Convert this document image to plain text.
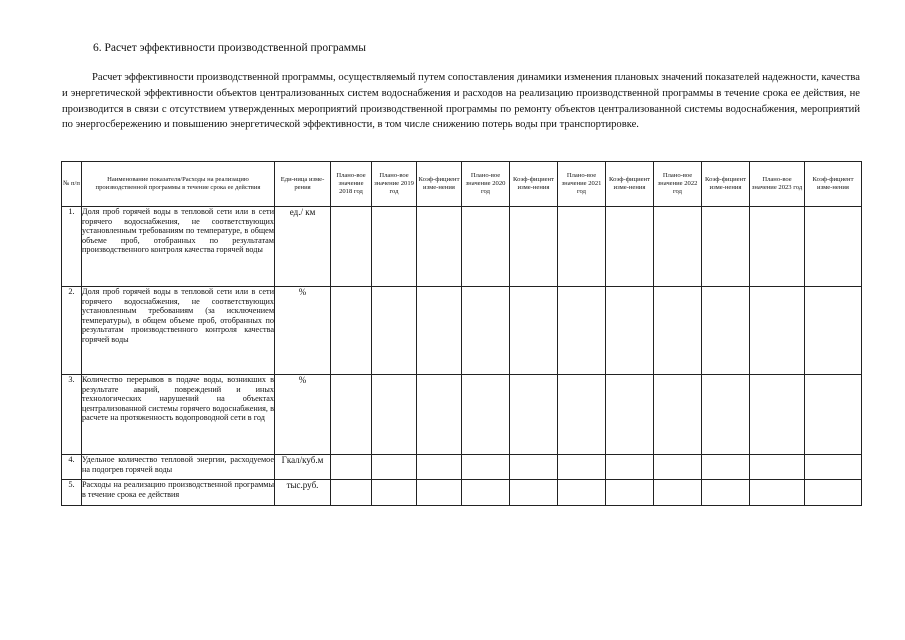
6. Расчет эффективности производственной программы
Расчет эффективности производственной программы, осуществляемый путем сопоставления динамики изменения плановых значений показателей надежности, качества и энергетической эффективности объектов централизованных систем водоснабжения и расходов на реализацию производственной программы в течение срока ее действия, не производится в связи с отсутствием утвержденных мероприятий производственной программы по ремонту объектов централизованной системы водоснабжения, мероприятий по энергосбережению и повышению энергетической эффективности, в том числе снижению потерь воды при транспортировке.
№ п/п	Наименование показателя/Расходы на реализацию производственной программы в течение срока ее действия	Еди-ница изме-рения	Плано-вое значение 2018 год	Плано-вое значение 2019 год	Коэф-фициент изме-нения	Плано-вое значение 2020 год	Коэф-фициент изме-нения	Плано-вое значение 2021 год	Коэф-фициент изме-нения	Плано-вое значение 2022 год	Коэф-фициент изме-нения	Плано-вое значение 2023 год	Коэф-фициент изме-нения
1.	Доля проб горячей воды в тепловой сети или в сети горячего водоснабжения, не соответствующих установленным требованиям по температуре, в общем объеме проб, отобранных по результатам производственного контроля качества горячей воды	ед./ км											
2.	Доля проб горячей воды в тепловой сети или в сети горячего водоснабжения, не соответствующих установленным требованиям (за исключением температуры), в общем объеме проб, отобранных по результатам производственного контроля качества горячей воды	%											
3.	Количество перерывов в подаче воды, возникших в результате аварий, повреждений и иных технологических нарушений на объектах централизованной системы горячего водоснабжения, в расчете на протяженность водопроводной сети в год	%											
4.	Удельное количество тепловой энергии, расходуемое на подогрев горячей воды	Гкал/куб.м											
5.	Расходы на реализацию производственной программы в течение срока ее действия	тыс.руб.											
